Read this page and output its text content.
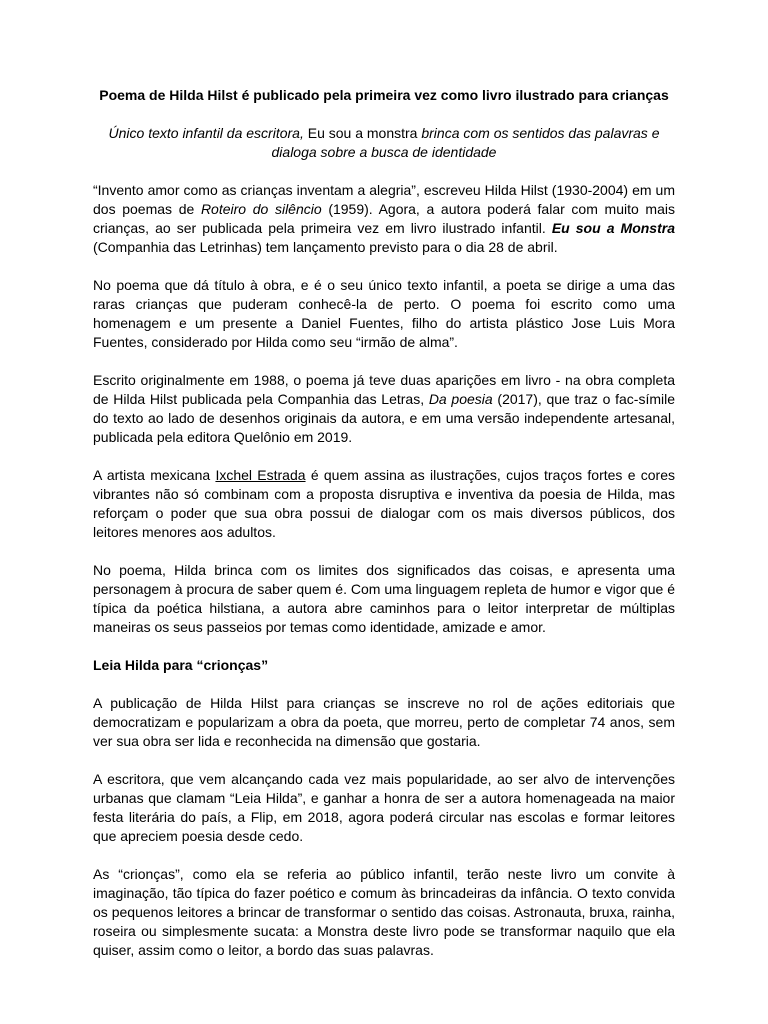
Poema de Hilda Hilst é publicado pela primeira vez como livro ilustrado para crianças
Único texto infantil da escritora, Eu sou a monstra brinca com os sentidos das palavras e dialoga sobre a busca de identidade
“Invento amor como as crianças inventam a alegria”, escreveu Hilda Hilst (1930-2004) em um dos poemas de Roteiro do silêncio (1959). Agora, a autora poderá falar com muito mais crianças, ao ser publicada pela primeira vez em livro ilustrado infantil. Eu sou a Monstra (Companhia das Letrinhas) tem lançamento previsto para o dia 28 de abril.
No poema que dá título à obra, e é o seu único texto infantil, a poeta se dirige a uma das raras crianças que puderam conhecê-la de perto. O poema foi escrito como uma homenagem e um presente a Daniel Fuentes, filho do artista plástico Jose Luis Mora Fuentes, considerado por Hilda como seu “irmão de alma”.
Escrito originalmente em 1988, o poema já teve duas aparições em livro - na obra completa de Hilda Hilst publicada pela Companhia das Letras, Da poesia (2017), que traz o fac-símile do texto ao lado de desenhos originais da autora, e em uma versão independente artesanal, publicada pela editora Quelônio em 2019.
A artista mexicana Ixchel Estrada é quem assina as ilustrações, cujos traços fortes e cores vibrantes não só combinam com a proposta disruptiva e inventiva da poesia de Hilda, mas reforçam o poder que sua obra possui de dialogar com os mais diversos públicos, dos leitores menores aos adultos.
No poema, Hilda brinca com os limites dos significados das coisas, e apresenta uma personagem à procura de saber quem é. Com uma linguagem repleta de humor e vigor que é típica da poética hilstiana, a autora abre caminhos para o leitor interpretar de múltiplas maneiras os seus passeios por temas como identidade, amizade e amor.
Leia Hilda para “crionças”
A publicação de Hilda Hilst para crianças se inscreve no rol de ações editoriais que democratizam e popularizam a obra da poeta, que morreu, perto de completar 74 anos, sem ver sua obra ser lida e reconhecida na dimensão que gostaria.
A escritora, que vem alcançando cada vez mais popularidade, ao ser alvo de intervenções urbanas que clamam “Leia Hilda”, e ganhar a honra de ser a autora homenageada na maior festa literária do país, a Flip, em 2018, agora poderá circular nas escolas e formar leitores que apreciem poesia desde cedo.
As “crionças”, como ela se referia ao público infantil, terão neste livro um convite à imaginação, tão típica do fazer poético e comum às brincadeiras da infância. O texto convida os pequenos leitores a brincar de transformar o sentido das coisas. Astronauta, bruxa, rainha, roseira ou simplesmente sucata: a Monstra deste livro pode se transformar naquilo que ela quiser, assim como o leitor, a bordo das suas palavras.
